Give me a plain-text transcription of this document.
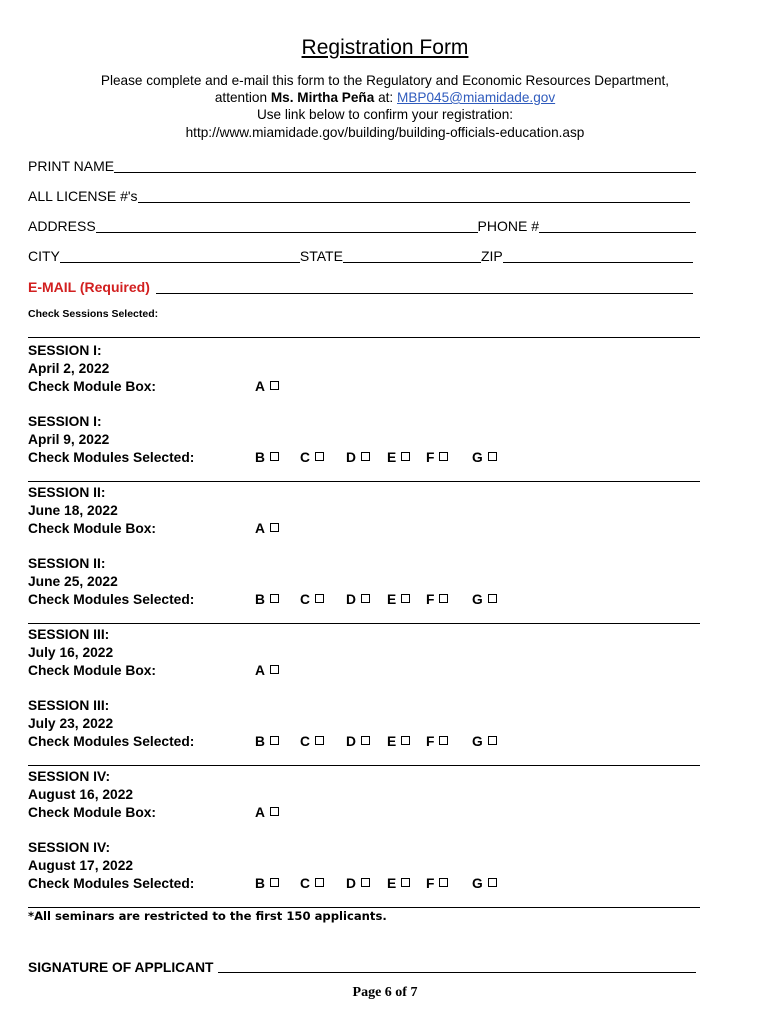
Registration Form
Please complete and e-mail this form to the Regulatory and Economic Resources Department,
attention Ms. Mirtha Peña at: MBP045@miamidade.gov
Use link below to confirm your registration:
http://www.miamidade.gov/building/building-officials-education.asp
PRINT NAME
ALL LICENSE #'s
ADDRESS	PHONE #
CITY	STATE	ZIP
E-MAIL (Required)
Check Sessions Selected:
SESSION I:
April 2, 2022
Check Module Box:	A
SESSION I:
April 9, 2022
Check Modules Selected:	B	C	D	E	F	G
SESSION II:
June 18, 2022
Check Module Box:	A
SESSION II:
June 25, 2022
Check Modules Selected:	B	C	D	E	F	G
SESSION III:
July 16, 2022
Check Module Box:	A
SESSION III:
July 23, 2022
Check Modules Selected:	B	C	D	E	F	G
SESSION IV:
August 16, 2022
Check Module Box:	A
SESSION IV:
August 17, 2022
Check Modules Selected:	B	C	D	E	F	G
*All seminars are restricted to the first 150 applicants.
SIGNATURE OF APPLICANT
Page 6 of 7
